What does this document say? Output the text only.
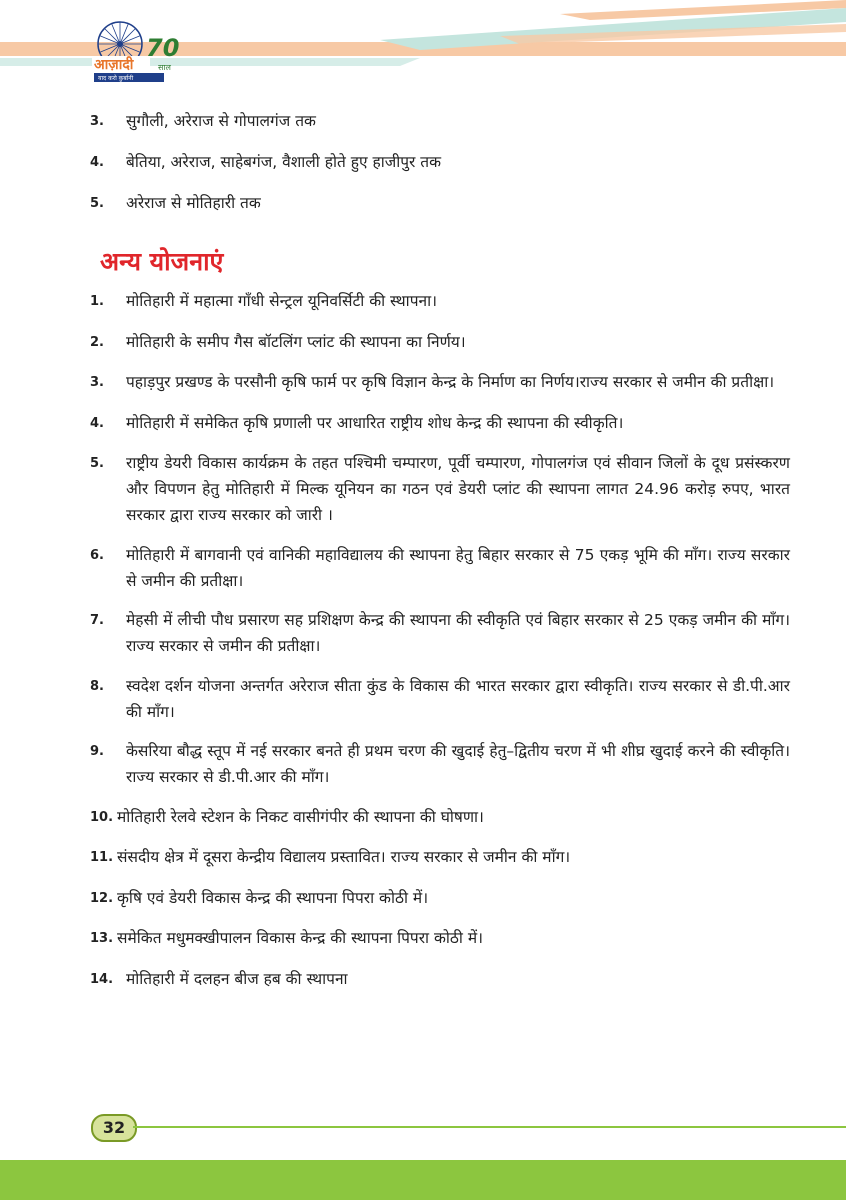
आज़ादी
70
साल
याद करो कुर्बानी
3.	सुगौली, अरेराज से गोपालगंज तक
4.	बेतिया, अरेराज, साहेबगंज, वैशाली होते हुए हाजीपुर तक
5.	अरेराज से मोतिहारी तक
अन्य योजनाएं
1.	मोतिहारी में महात्मा गाँधी सेन्ट्रल यूनिवर्सिटी की स्थापना।
2.	मोतिहारी के समीप गैस बॉटलिंग प्लांट की स्थापना का निर्णय।
3.	पहाड़पुर प्रखण्ड के परसौनी कृषि फार्म पर कृषि विज्ञान केन्द्र के निर्माण का निर्णय।राज्य सरकार से जमीन की प्रतीक्षा।
4.	मोतिहारी में समेकित कृषि प्रणाली पर आधारित राष्ट्रीय शोध केन्द्र की स्थापना की स्वीकृति।
5.	राष्ट्रीय डेयरी विकास कार्यक्रम के तहत पश्चिमी चम्पारण, पूर्वी चम्पारण, गोपालगंज एवं सीवान जिलों के दूध प्रसंस्करण और विपणन हेतु मोतिहारी में मिल्क यूनियन का गठन एवं डेयरी प्लांट की स्थापना लागत 24.96 करोड़ रुपए, भारत सरकार द्वारा राज्य सरकार को जारी ।
6.	मोतिहारी में बागवानी एवं वानिकी महाविद्यालय की स्थापना हेतु बिहार सरकार से 75 एकड़ भूमि की माँग। राज्य सरकार से जमीन की प्रतीक्षा।
7.	मेहसी में लीची पौध प्रसारण सह प्रशिक्षण केन्द्र की स्थापना की स्वीकृति एवं बिहार सरकार से 25 एकड़ जमीन की माँग। राज्य सरकार से जमीन की प्रतीक्षा।
8.	स्वदेश दर्शन योजना अन्तर्गत अरेराज सीता कुंड के विकास की भारत सरकार द्वारा स्वीकृति। राज्य सरकार से डी.पी.आर की माँग।
9.	केसरिया बौद्ध स्तूप में नई सरकार बनते ही प्रथम चरण की खुदाई हेतु–द्वितीय चरण में भी शीघ्र खुदाई करने की स्वीकृति। राज्य सरकार से डी.पी.आर की माँग।
10. मोतिहारी रेलवे स्टेशन के निकट वासीगंपीर की स्थापना की घोषणा।
11. संसदीय क्षेत्र में दूसरा केन्द्रीय विद्यालय प्रस्तावित। राज्य सरकार से जमीन की माँग।
12. कृषि एवं डेयरी विकास केन्द्र की स्थापना पिपरा कोठी में।
13. समेकित मधुमक्खीपालन विकास केन्द्र की स्थापना पिपरा कोठी में।
14. मोतिहारी में दलहन बीज हब की स्थापना
32
